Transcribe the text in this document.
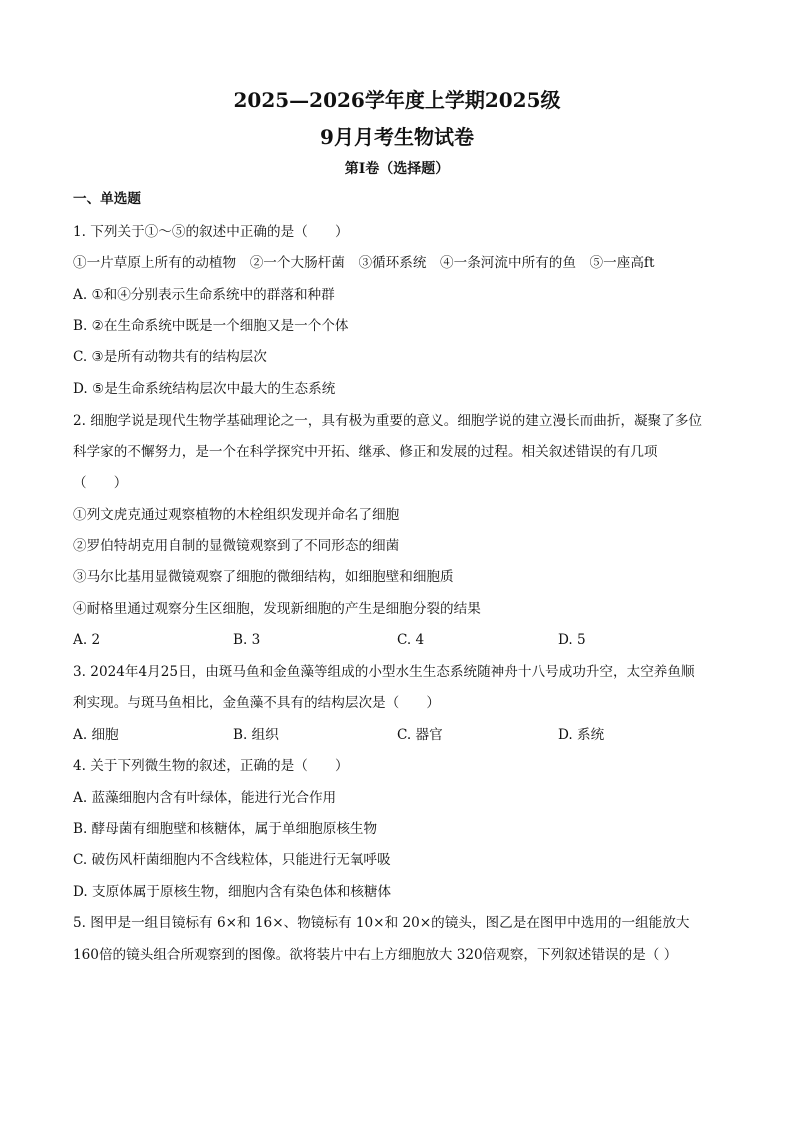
2025—2026学年度上学期2025级
9月月考生物试卷
第I卷（选择题）
一、单选题
1. 下列关于①～⑤的叙述中正确的是（　　）
①一片草原上所有的动植物　②一个大肠杆菌　③循环系统　④一条河流中所有的鱼　⑤一座高ft
A. ①和④分别表示生命系统中的群落和种群
B. ②在生命系统中既是一个细胞又是一个个体
C. ③是所有动物共有的结构层次
D. ⑤是生命系统结构层次中最大的生态系统
2. 细胞学说是现代生物学基础理论之一，具有极为重要的意义。细胞学说的建立漫长而曲折，凝聚了多位
科学家的不懈努力，是一个在科学探究中开拓、继承、修正和发展的过程。相关叙述错误的有几项
（　　）
①列文虎克通过观察植物的木栓组织发现并命名了细胞
②罗伯特胡克用自制的显微镜观察到了不同形态的细菌
③马尔比基用显微镜观察了细胞的微细结构，如细胞壁和细胞质
④耐格里通过观察分生区细胞，发现新细胞的产生是细胞分裂的结果
A. 2	B. 3	C. 4	D. 5
3. 2024年4月25日，由斑马鱼和金鱼藻等组成的小型水生生态系统随神舟十八号成功升空，太空养鱼顺
利实现。与斑马鱼相比，金鱼藻不具有的结构层次是（　　）
A. 细胞	B. 组织	C. 器官	D. 系统
4. 关于下列微生物的叙述，正确的是（　　）
A. 蓝藻细胞内含有叶绿体，能进行光合作用
B. 酵母菌有细胞壁和核糖体，属于单细胞原核生物
C. 破伤风杆菌细胞内不含线粒体，只能进行无氧呼吸
D. 支原体属于原核生物，细胞内含有染色体和核糖体
5. 图甲是一组目镜标有 6×和 16×、物镜标有 10×和 20×的镜头，图乙是在图甲中选用的一组能放大
160倍的镜头组合所观察到的图像。欲将装片中右上方细胞放大 320倍观察，下列叙述错误的是（ ）
